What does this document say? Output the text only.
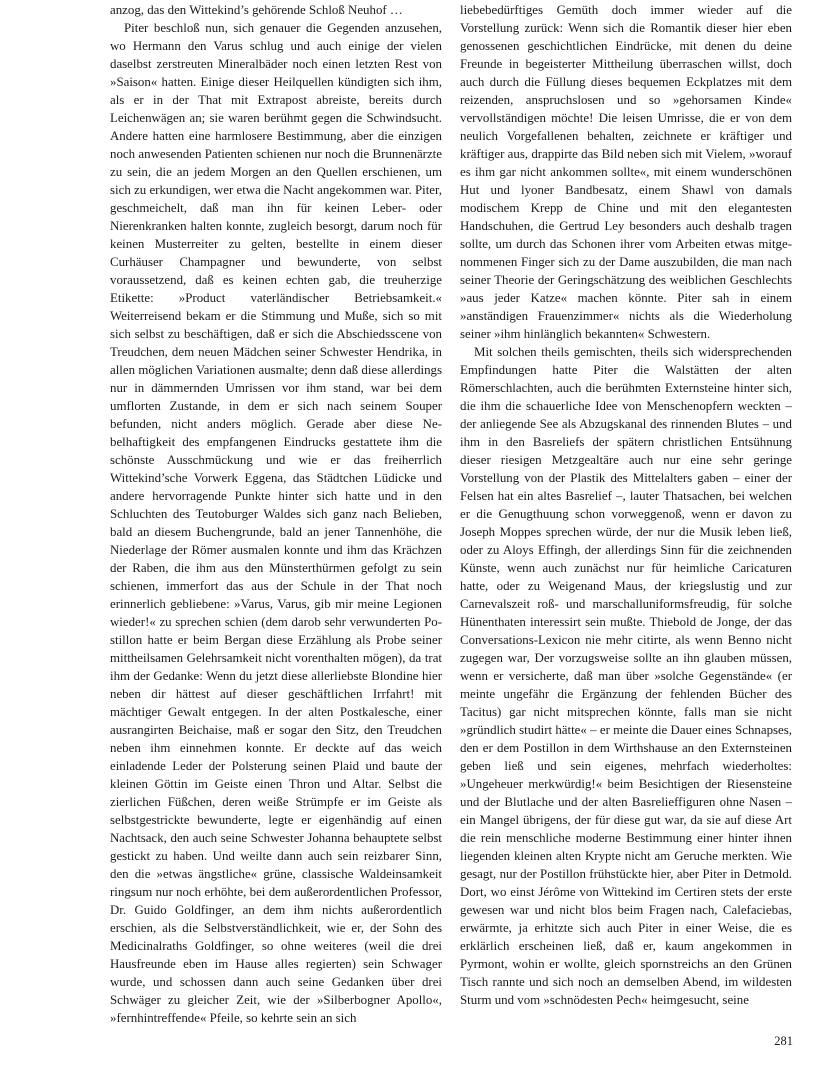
anzog, das den Wittekind’s gehörende Schloß Neuhof …

Piter beschloß nun, sich genauer die Gegenden anzusehen, wo Hermann den Varus schlug und auch einige der vielen daselbst zerstreuten Mineralbäder noch einen letzten Rest von »Saison« hatten. Einige dieser Heilquellen kündigten sich ihm, als er in der That mit Extrapost abreiste, bereits durch Leichenwägen an; sie waren berühmt gegen die Schwindsucht. Andere hatten eine harmlosere Bestimmung, aber die einzigen noch anwesenden Patienten schienen nur noch die Brunnenärzte zu sein, die an jedem Morgen an den Quellen erschienen, um sich zu erkundigen, wer etwa die Nacht angekommen war. Piter, geschmeichelt, daß man ihn für keinen Leber- oder Nierenkranken halten konnte, zugleich besorgt, darum noch für keinen Musterreiter zu gelten, bestellte in einem dieser Curhäuser Champagner und bewunderte, von selbst voraussetzend, daß es keinen echten gab, die treuherzige Etikette: »Product vaterländischer Betriebsamkeit.« Weiterreisend bekam er die Stimmung und Muße, sich so mit sich selbst zu beschäftigen, daß er sich die Abschiedsscene von Treudchen, dem neuen Mädchen seiner Schwester Hendrika, in allen möglichen Variationen ausmalte; denn daß diese allerdings nur in dämmernden Umrissen vor ihm stand, war bei dem umflorten Zustande, in dem er sich nach seinem Souper befunden, nicht anders möglich. Gerade aber diese Nebelhaftigkeit des empfangenen Eindrucks gestattete ihm die schönste Ausschmückung und wie er das freiherrlich Wittekind’sche Vorwerk Eggena, das Städtchen Lüdicke und andere hervorragende Punkte hinter sich hatte und in den Schluchten des Teutoburger Waldes sich ganz nach Belieben, bald an diesem Buchengrunde, bald an jener Tannenhöhe, die Niederlage der Römer ausmalen konnte und ihm das Krächzen der Raben, die ihm aus den Münsterthürmen gefolgt zu sein schienen, immerfort das aus der Schule in der That noch erinnerlich gebliebene: »Varus, Varus, gib mir meine Legionen wieder!« zu sprechen schien (dem darob sehr verwunderten Postillon hatte er beim Bergan diese Erzählung als Probe seiner mittheilsamen Gelehrsamkeit nicht vorenthalten mögen), da trat ihm der Gedanke: Wenn du jetzt diese allerliebste Blondine hier neben dir hättest auf dieser geschäftlichen Irrfahrt! mit mächtiger Gewalt entgegen. In der alten Postkalesche, einer ausrangirten Beichaise, maß er sogar den Sitz, den Treudchen neben ihm einnehmen konnte. Er deckte auf das weich einladende Leder der Polsterung seinen Plaid und baute der kleinen Göttin im Geiste einen Thron und Altar. Selbst die zierlichen Füßchen, deren weiße Strümpfe er im Geiste als selbstgestrickte bewunderte, legte er eigenhändig auf einen Nachtsack, den auch seine Schwester Johanna behauptete selbst gestickt zu haben. Und weilte dann auch sein reizbarer Sinn, den die »etwas ängstliche« grüne, classische Waldeinsamkeit ringsum nur noch erhöhte, bei dem außerordentlichen Professor, Dr. Guido Goldfinger, an dem ihm nichts außerordentlich erschien, als die Selbstverständlichkeit, wie er, der Sohn des Medicinalraths Goldfinger, so ohne weiteres (weil die drei Hausfreunde eben im Hause alles regierten) sein Schwager wurde, und schossen dann auch seine Gedanken über drei Schwäger zu gleicher Zeit, wie der »Silberbogner Apollo«, »fernhintreffende« Pfeile, so kehrte sein an sich

liebebedürftiges Gemüth doch immer wieder auf die Vorstellung zurück: Wenn sich die Romantik dieser hier eben genossenen geschichtlichen Eindrücke, mit denen du deine Freunde in begeisterter Mittheilung überraschen willst, doch auch durch die Füllung dieses bequemen Eckplatzes mit dem reizenden, anspruchslosen und so »gehorsamen Kinde« vervollständigen möchte! Die leisen Umrisse, die er von dem neulich Vorgefallenen behalten, zeichnete er kräftiger und kräftiger aus, drappirte das Bild neben sich mit Vielem, »worauf es ihm gar nicht ankommen sollte«, mit einem wunderschönen Hut und lyoner Bandbesatz, einem Shawl von damals modischem Krepp de Chine und mit den elegantesten Handschuhen, die Gertrud Ley besonders auch deshalb tragen sollte, um durch das Schonen ihrer vom Arbeiten etwas mitgenommenen Finger sich zu der Dame auszubilden, die man nach seiner Theorie der Geringschätzung des weiblichen Geschlechts »aus jeder Katze« machen könnte. Piter sah in einem »anständigen Frauenzimmer« nichts als die Wiederholung seiner »ihm hinlänglich bekannten« Schwestern.

Mit solchen theils gemischten, theils sich widersprechenden Empfindungen hatte Piter die Walstätten der alten Römerschlachten, auch die berühmten Externsteine hinter sich, die ihm die schauerliche Idee von Menschenopfern weckten – der anliegende See als Abzugskanal des rinnenden Blutes – und ihm in den Basreliefs der spätern christlichen Entsühnung dieser riesigen Metzgealtäre auch nur eine sehr geringe Vorstellung von der Plastik des Mittelalters gaben – einer der Felsen hat ein altes Basrelief –, lauter Thatsachen, bei welchen er die Genugthuung schon vorweggenoß, wenn er davon zu Joseph Moppes sprechen würde, der nur die Musik leben ließ, oder zu Aloys Effingh, der allerdings Sinn für die zeichnenden Künste, wenn auch zunächst nur für heimliche Caricaturen hatte, oder zu Weigenand Maus, der kriegslustig und zur Carnevalszeit roß- und marschalluniformsfreudig, für solche Hünenthaten interessirt sein mußte. Thiebold de Jonge, der das Conversations-Lexicon nie mehr citirte, als wenn Benno nicht zugegen war, Der vorzugsweise sollte an ihn glauben müssen, wenn er versicherte, daß man über »solche Gegenstände« (er meinte ungefähr die Ergänzung der fehlenden Bücher des Tacitus) gar nicht mitsprechen könnte, falls man sie nicht »gründlich studirt hätte« – er meinte die Dauer eines Schnapses, den er dem Postillon in dem Wirthshause an den Externsteinen geben ließ und sein eigenes, mehrfach wiederholtes: »Ungeheuer merkwürdig!« beim Besichtigen der Riesensteine und der Blutlache und der alten Basrelieffiguren ohne Nasen – ein Mangel übrigens, der für diese gut war, da sie auf diese Art die rein menschliche moderne Bestimmung einer hinter ihnen liegenden kleinen alten Krypte nicht am Geruche merkten. Wie gesagt, nur der Postillon frühstückte hier, aber Piter in Detmold. Dort, wo einst Jérôme von Wittekind im Certiren stets der erste gewesen war und nicht blos beim Fragen nach, Calefaciebas, erwärmte, ja erhitzte sich auch Piter in einer Weise, die es erklärlich erscheinen ließ, daß er, kaum angekommen in Pyrmont, wohin er wollte, gleich spornstreichs an den Grünen Tisch rannte und sich noch an demselben Abend, im wildesten Sturm und vom »schnödesten Pech« heimgesucht, seine

281
